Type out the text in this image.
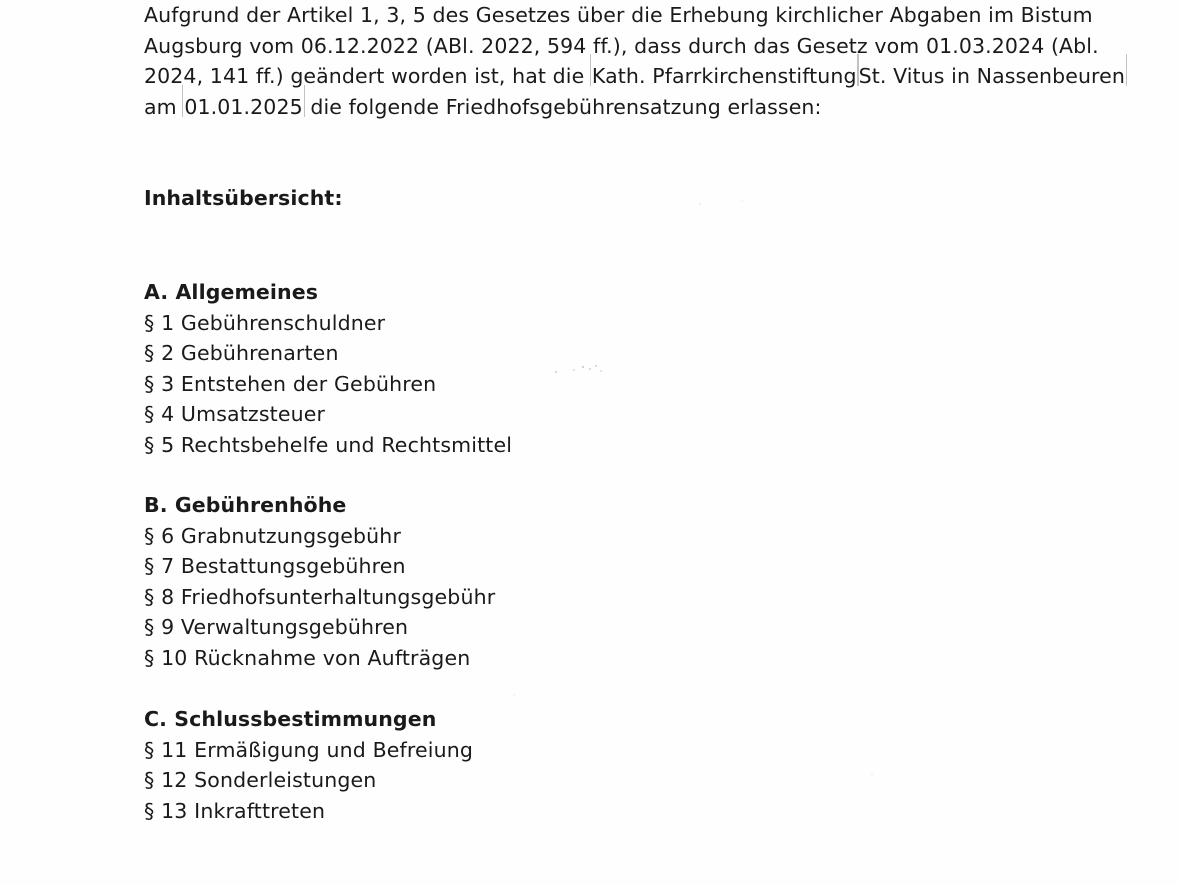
Aufgrund der Artikel 1, 3, 5 des Gesetzes über die Erhebung kirchlicher Abgaben im Bistum
Augsburg vom 06.12.2022 (ABl. 2022, 594 ff.), dass durch das Gesetz vom 01.03.2024 (Abl.
2024, 141 ff.) geändert worden ist, hat die Kath. PfarrkirchenstiftungSt. Vitus in Nassenbeuren
am 01.01.2025 die folgende Friedhofsgebührensatzung erlassen:
Inhaltsübersicht:
A. Allgemeines
§ 1 Gebührenschuldner
§ 2 Gebührenarten
§ 3 Entstehen der Gebühren
§ 4 Umsatzsteuer
§ 5 Rechtsbehelfe und Rechtsmittel
B. Gebührenhöhe
§ 6 Grabnutzungsgebühr
§ 7 Bestattungsgebühren
§ 8 Friedhofsunterhaltungsgebühr
§ 9 Verwaltungsgebühren
§ 10 Rücknahme von Aufträgen
C. Schlussbestimmungen
§ 11 Ermäßigung und Befreiung
§ 12 Sonderleistungen
§ 13 Inkrafttreten
